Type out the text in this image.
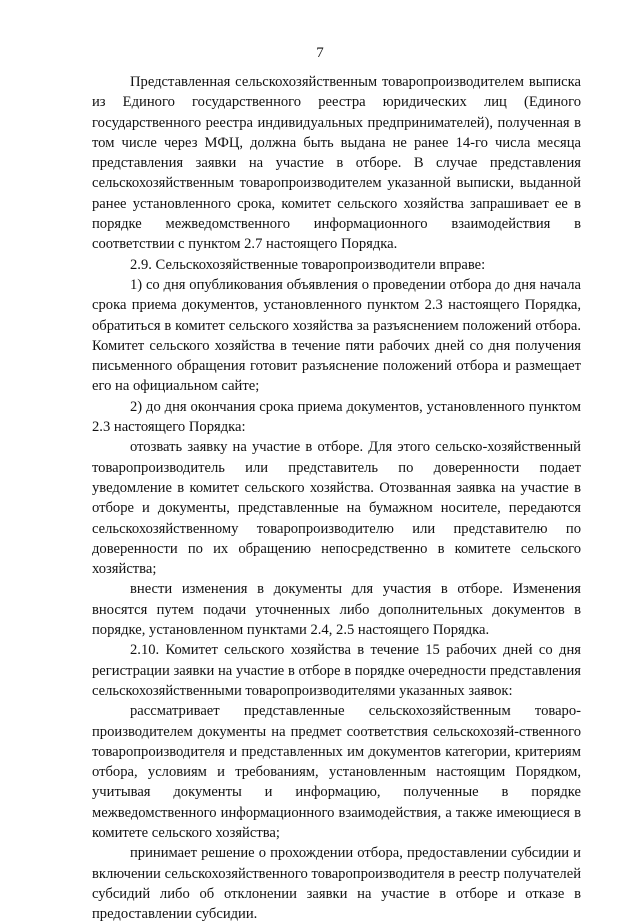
7

Представленная сельскохозяйственным товаропроизводителем выписка из Единого государственного реестра юридических лиц (Единого государственного реестра индивидуальных предпринимателей), полученная в том числе через МФЦ, должна быть выдана не ранее 14-го числа месяца представления заявки на участие в отборе. В случае представления сельскохозяйственным товаропроизводителем указанной выписки, выданной ранее установленного срока, комитет сельского хозяйства запрашивает ее в порядке межведомственного информационного взаимодействия в соответствии с пунктом 2.7 настоящего Порядка.

2.9. Сельскохозяйственные товаропроизводители вправе:

1) со дня опубликования объявления о проведении отбора до дня начала срока приема документов, установленного пунктом 2.3 настоящего Порядка, обратиться в комитет сельского хозяйства за разъяснением положений отбора. Комитет сельского хозяйства в течение пяти рабочих дней со дня получения письменного обращения готовит разъяснение положений отбора и размещает его на официальном сайте;

2) до дня окончания срока приема документов, установленного пунктом 2.3 настоящего Порядка:

отозвать заявку на участие в отборе. Для этого сельско-хозяйственный товаропроизводитель или представитель по доверенности подает уведомление в комитет сельского хозяйства. Отозванная заявка на участие в отборе и документы, представленные на бумажном носителе, передаются сельскохозяйственному товаропроизводителю или представителю по доверенности по их обращению непосредственно в комитете сельского хозяйства;

внести изменения в документы для участия в отборе. Изменения вносятся путем подачи уточненных либо дополнительных документов в порядке, установленном пунктами 2.4, 2.5 настоящего Порядка.

2.10. Комитет сельского хозяйства в течение 15 рабочих дней со дня регистрации заявки на участие в отборе в порядке очередности представления сельскохозяйственными товаропроизводителями указанных заявок:

рассматривает представленные сельскохозяйственным товаро-производителем документы на предмет соответствия сельскохозяй-ственного товаропроизводителя и представленных им документов категории, критериям отбора, условиям и требованиям, установленным настоящим Порядком, учитывая документы и информацию, полученные в порядке межведомственного информационного взаимодействия, а также имеющиеся в комитете сельского хозяйства;

принимает решение о прохождении отбора, предоставлении субсидии и включении сельскохозяйственного товаропроизводителя в реестр получателей субсидий либо об отклонении заявки на участие в отборе и отказе в предоставлении субсидии.
